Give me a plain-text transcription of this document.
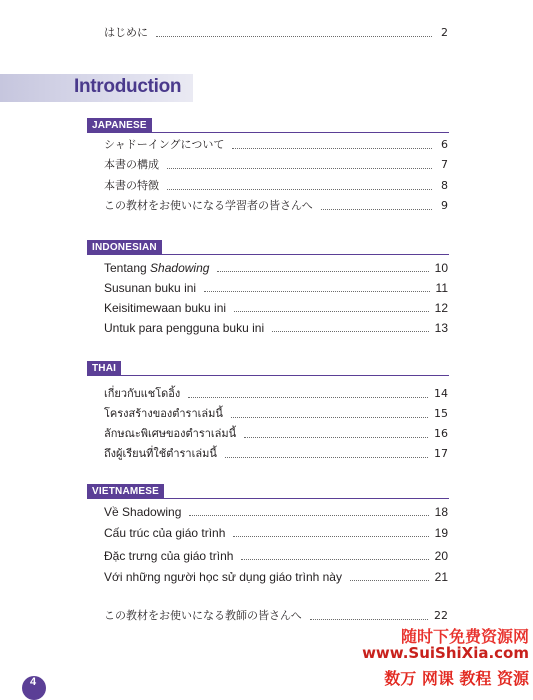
はじめに	2
Introduction
JAPANESE
シャドーイングについて	6
本書の構成	7
本書の特徴	8
この教材をお使いになる学習者の皆さんへ	9
INDONESIAN
Tentang Shadowing	10
Susunan buku ini	11
Keisitimewaan buku ini	12
Untuk para pengguna buku ini	13
THAI
เกี่ยวกับแชโดอิ้ง	14
โครงสร้างของตำราเล่มนี้	15
ลักษณะพิเศษของตำราเล่มนี้	16
ถึงผู้เรียนที่ใช้ตำราเล่มนี้	17
VIETNAMESE
Về Shadowing	18
Cấu trúc của giáo trình	19
Đặc trưng của giáo trình	20
Với những người học sử dụng giáo trình này	21
この教材をお使いになる教師の皆さんへ	22
4
随时下免费资源网
www.SuiShiXia.com
数万 网课 教程 资源
